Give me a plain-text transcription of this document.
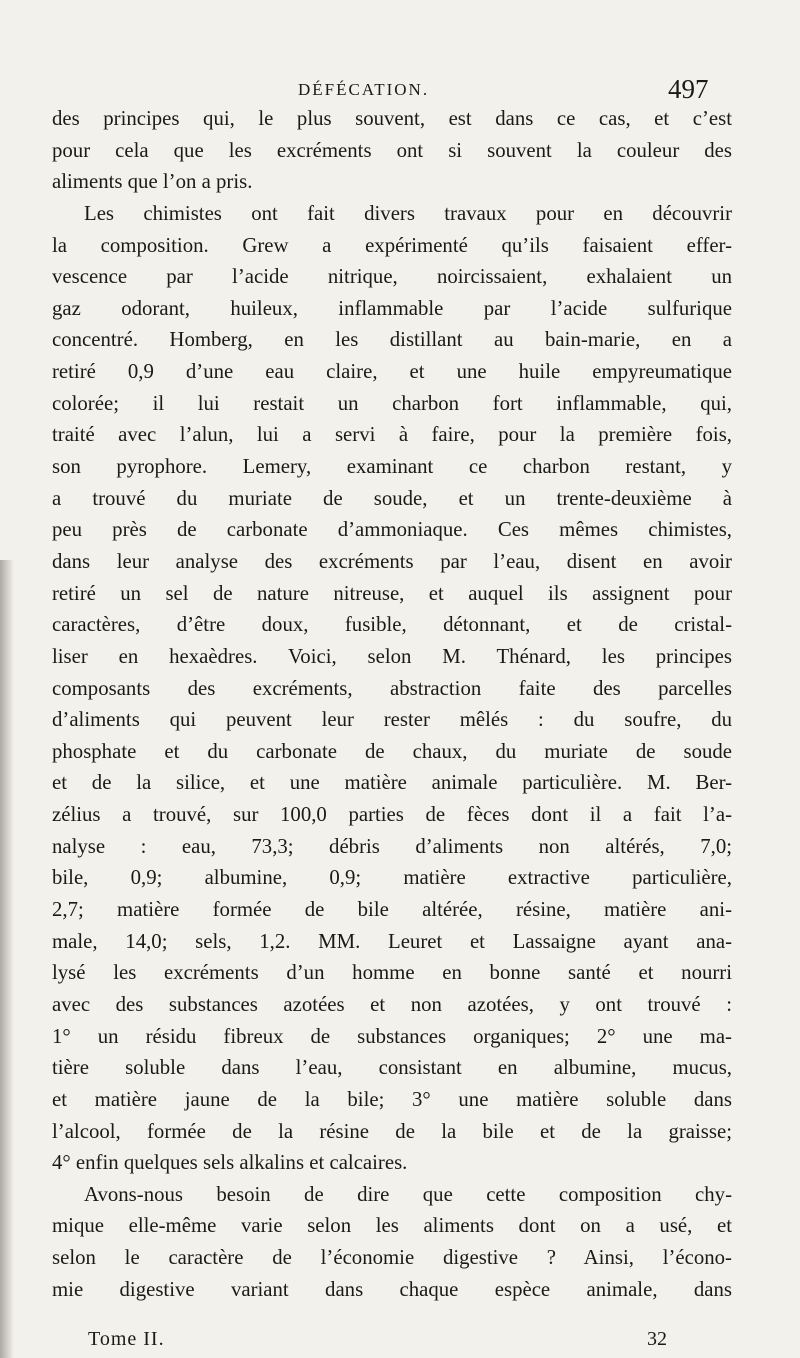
DÉFÉCATION.	497
des principes qui, le plus souvent, est dans ce cas, et c’est
pour cela que les excréments ont si souvent la couleur des
aliments que l’on a pris.
Les chimistes ont fait divers travaux pour en découvrir
la composition. Grew a expérimenté qu’ils faisaient effer-
vescence par l’acide nitrique, noircissaient, exhalaient un
gaz odorant, huileux, inflammable par l’acide sulfurique
concentré. Homberg, en les distillant au bain-marie, en a
retiré 0,9 d’une eau claire, et une huile empyreumatique
colorée; il lui restait un charbon fort inflammable, qui,
traité avec l’alun, lui a servi à faire, pour la première fois,
son pyrophore. Lemery, examinant ce charbon restant, y
a trouvé du muriate de soude, et un trente-deuxième à
peu près de carbonate d’ammoniaque. Ces mêmes chimistes,
dans leur analyse des excréments par l’eau, disent en avoir
retiré un sel de nature nitreuse, et auquel ils assignent pour
caractères, d’être doux, fusible, détonnant, et de cristal-
liser en hexaèdres. Voici, selon M. Thénard, les principes
composants des excréments, abstraction faite des parcelles
d’aliments qui peuvent leur rester mêlés : du soufre, du
phosphate et du carbonate de chaux, du muriate de soude
et de la silice, et une matière animale particulière. M. Ber-
zélius a trouvé, sur 100,0 parties de fèces dont il a fait l’a-
nalyse : eau, 73,3; débris d’aliments non altérés, 7,0;
bile, 0,9; albumine, 0,9; matière extractive particulière,
2,7; matière formée de bile altérée, résine, matière ani-
male, 14,0; sels, 1,2. MM. Leuret et Lassaigne ayant ana-
lysé les excréments d’un homme en bonne santé et nourri
avec des substances azotées et non azotées, y ont trouvé :
1° un résidu fibreux de substances organiques; 2° une ma-
tière soluble dans l’eau, consistant en albumine, mucus,
et matière jaune de la bile; 3° une matière soluble dans
l’alcool, formée de la résine de la bile et de la graisse;
4° enfin quelques sels alkalins et calcaires.
Avons-nous besoin de dire que cette composition chy-
mique elle-même varie selon les aliments dont on a usé, et
selon le caractère de l’économie digestive ? Ainsi, l’écono-
mie digestive variant dans chaque espèce animale, dans
Tome II.	32
